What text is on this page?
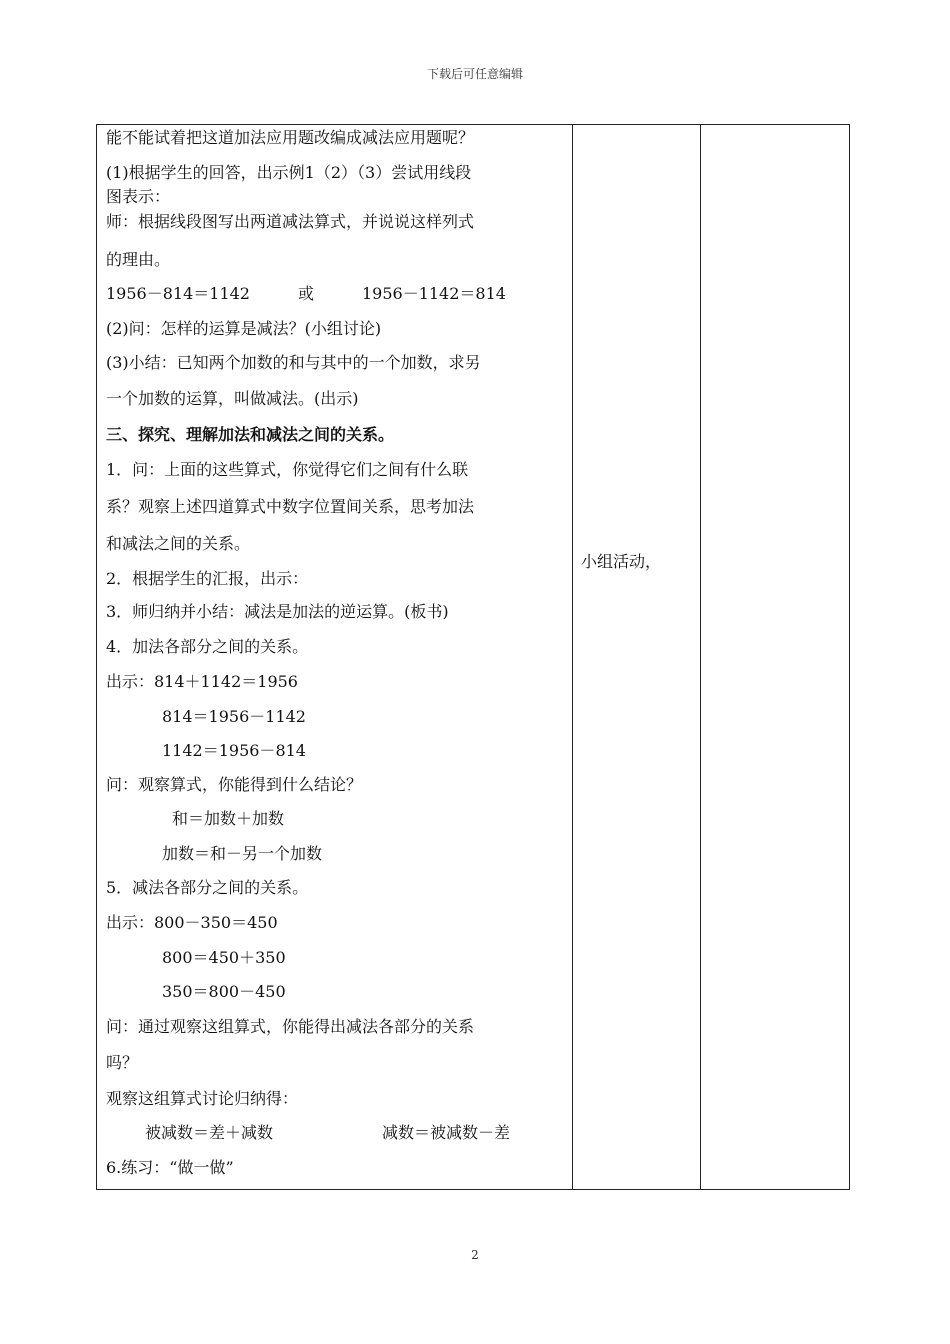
下载后可任意编辑
能不能试着把这道加法应用题改编成减法应用题呢？
(1)根据学生的回答，出示例1（2）（3）尝试用线段
图表示：
师：根据线段图写出两道减法算式，并说说这样列式
的理由。
1956－814＝1142　　　或　　　1956－1142＝814
(2)问：怎样的运算是减法？(小组讨论)
(3)小结：已知两个加数的和与其中的一个加数，求另
一个加数的运算，叫做减法。(出示)
三、探究、理解加法和减法之间的关系。
1．问：上面的这些算式，你觉得它们之间有什么联
系？观察上述四道算式中数字位置间关系，思考加法
和减法之间的关系。
2．根据学生的汇报，出示：
3．师归纳并小结：减法是加法的逆运算。(板书)
4．加法各部分之间的关系。
出示：814＋1142＝1956
814＝1956－1142
1142＝1956－814
问：观察算式，你能得到什么结论？
和＝加数＋加数
加数＝和－另一个加数
5．减法各部分之间的关系。
出示：800－350＝450
800＝450＋350
350＝800－450
问：通过观察这组算式，你能得出减法各部分的关系
吗？
观察这组算式讨论归纳得：
被减数＝差＋减数	减数＝被减数－差
6.练习：“做一做”
小组活动，
2
